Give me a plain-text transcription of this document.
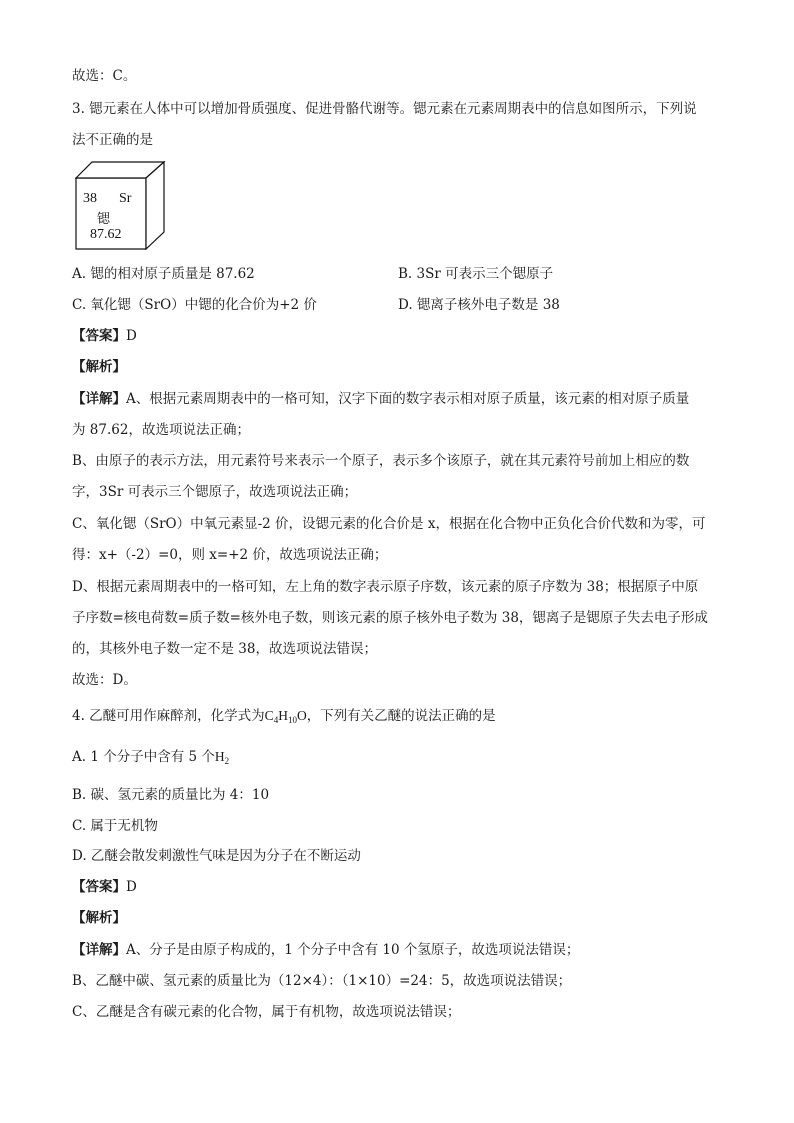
故选：C。
3. 锶元素在人体中可以增加骨质强度、促进骨骼代谢等。锶元素在元素周期表中的信息如图所示，下列说
法不正确的是
38 Sr
锶
87.62
A. 锶的相对原子质量是 87.62	B. 3Sr 可表示三个锶原子
C. 氧化锶（SrO）中锶的化合价为+2 价	D. 锶离子核外电子数是 38
【答案】D
【解析】
【详解】A、根据元素周期表中的一格可知，汉字下面的数字表示相对原子质量，该元素的相对原子质量
为 87.62，故选项说法正确；
B、由原子的表示方法，用元素符号来表示一个原子，表示多个该原子，就在其元素符号前加上相应的数
字，3Sr 可表示三个锶原子，故选项说法正确；
C、氧化锶（SrO）中氧元素显-2 价，设锶元素的化合价是 x，根据在化合物中正负化合价代数和为零，可
得：x+（-2）=0，则 x=+2 价，故选项说法正确；
D、根据元素周期表中的一格可知，左上角的数字表示原子序数，该元素的原子序数为 38；根据原子中原
子序数=核电荷数=质子数=核外电子数，则该元素的原子核外电子数为 38，锶离子是锶原子失去电子形成
的，其核外电子数一定不是 38，故选项说法错误；
故选：D。
4. 乙醚可用作麻醉剂，化学式为$C_4H_{10}O$，下列有关乙醚的说法正确的是
A. 1 个分子中含有 5 个$H_2$
B. 碳、氢元素的质量比为 4：10
C. 属于无机物
D. 乙醚会散发刺激性气味是因为分子在不断运动
【答案】D
【解析】
【详解】A、分子是由原子构成的，1 个分子中含有 10 个氢原子，故选项说法错误；
B、乙醚中碳、氢元素的质量比为（12×4）：（1×10）=24：5，故选项说法错误；
C、乙醚是含有碳元素的化合物，属于有机物，故选项说法错误；
